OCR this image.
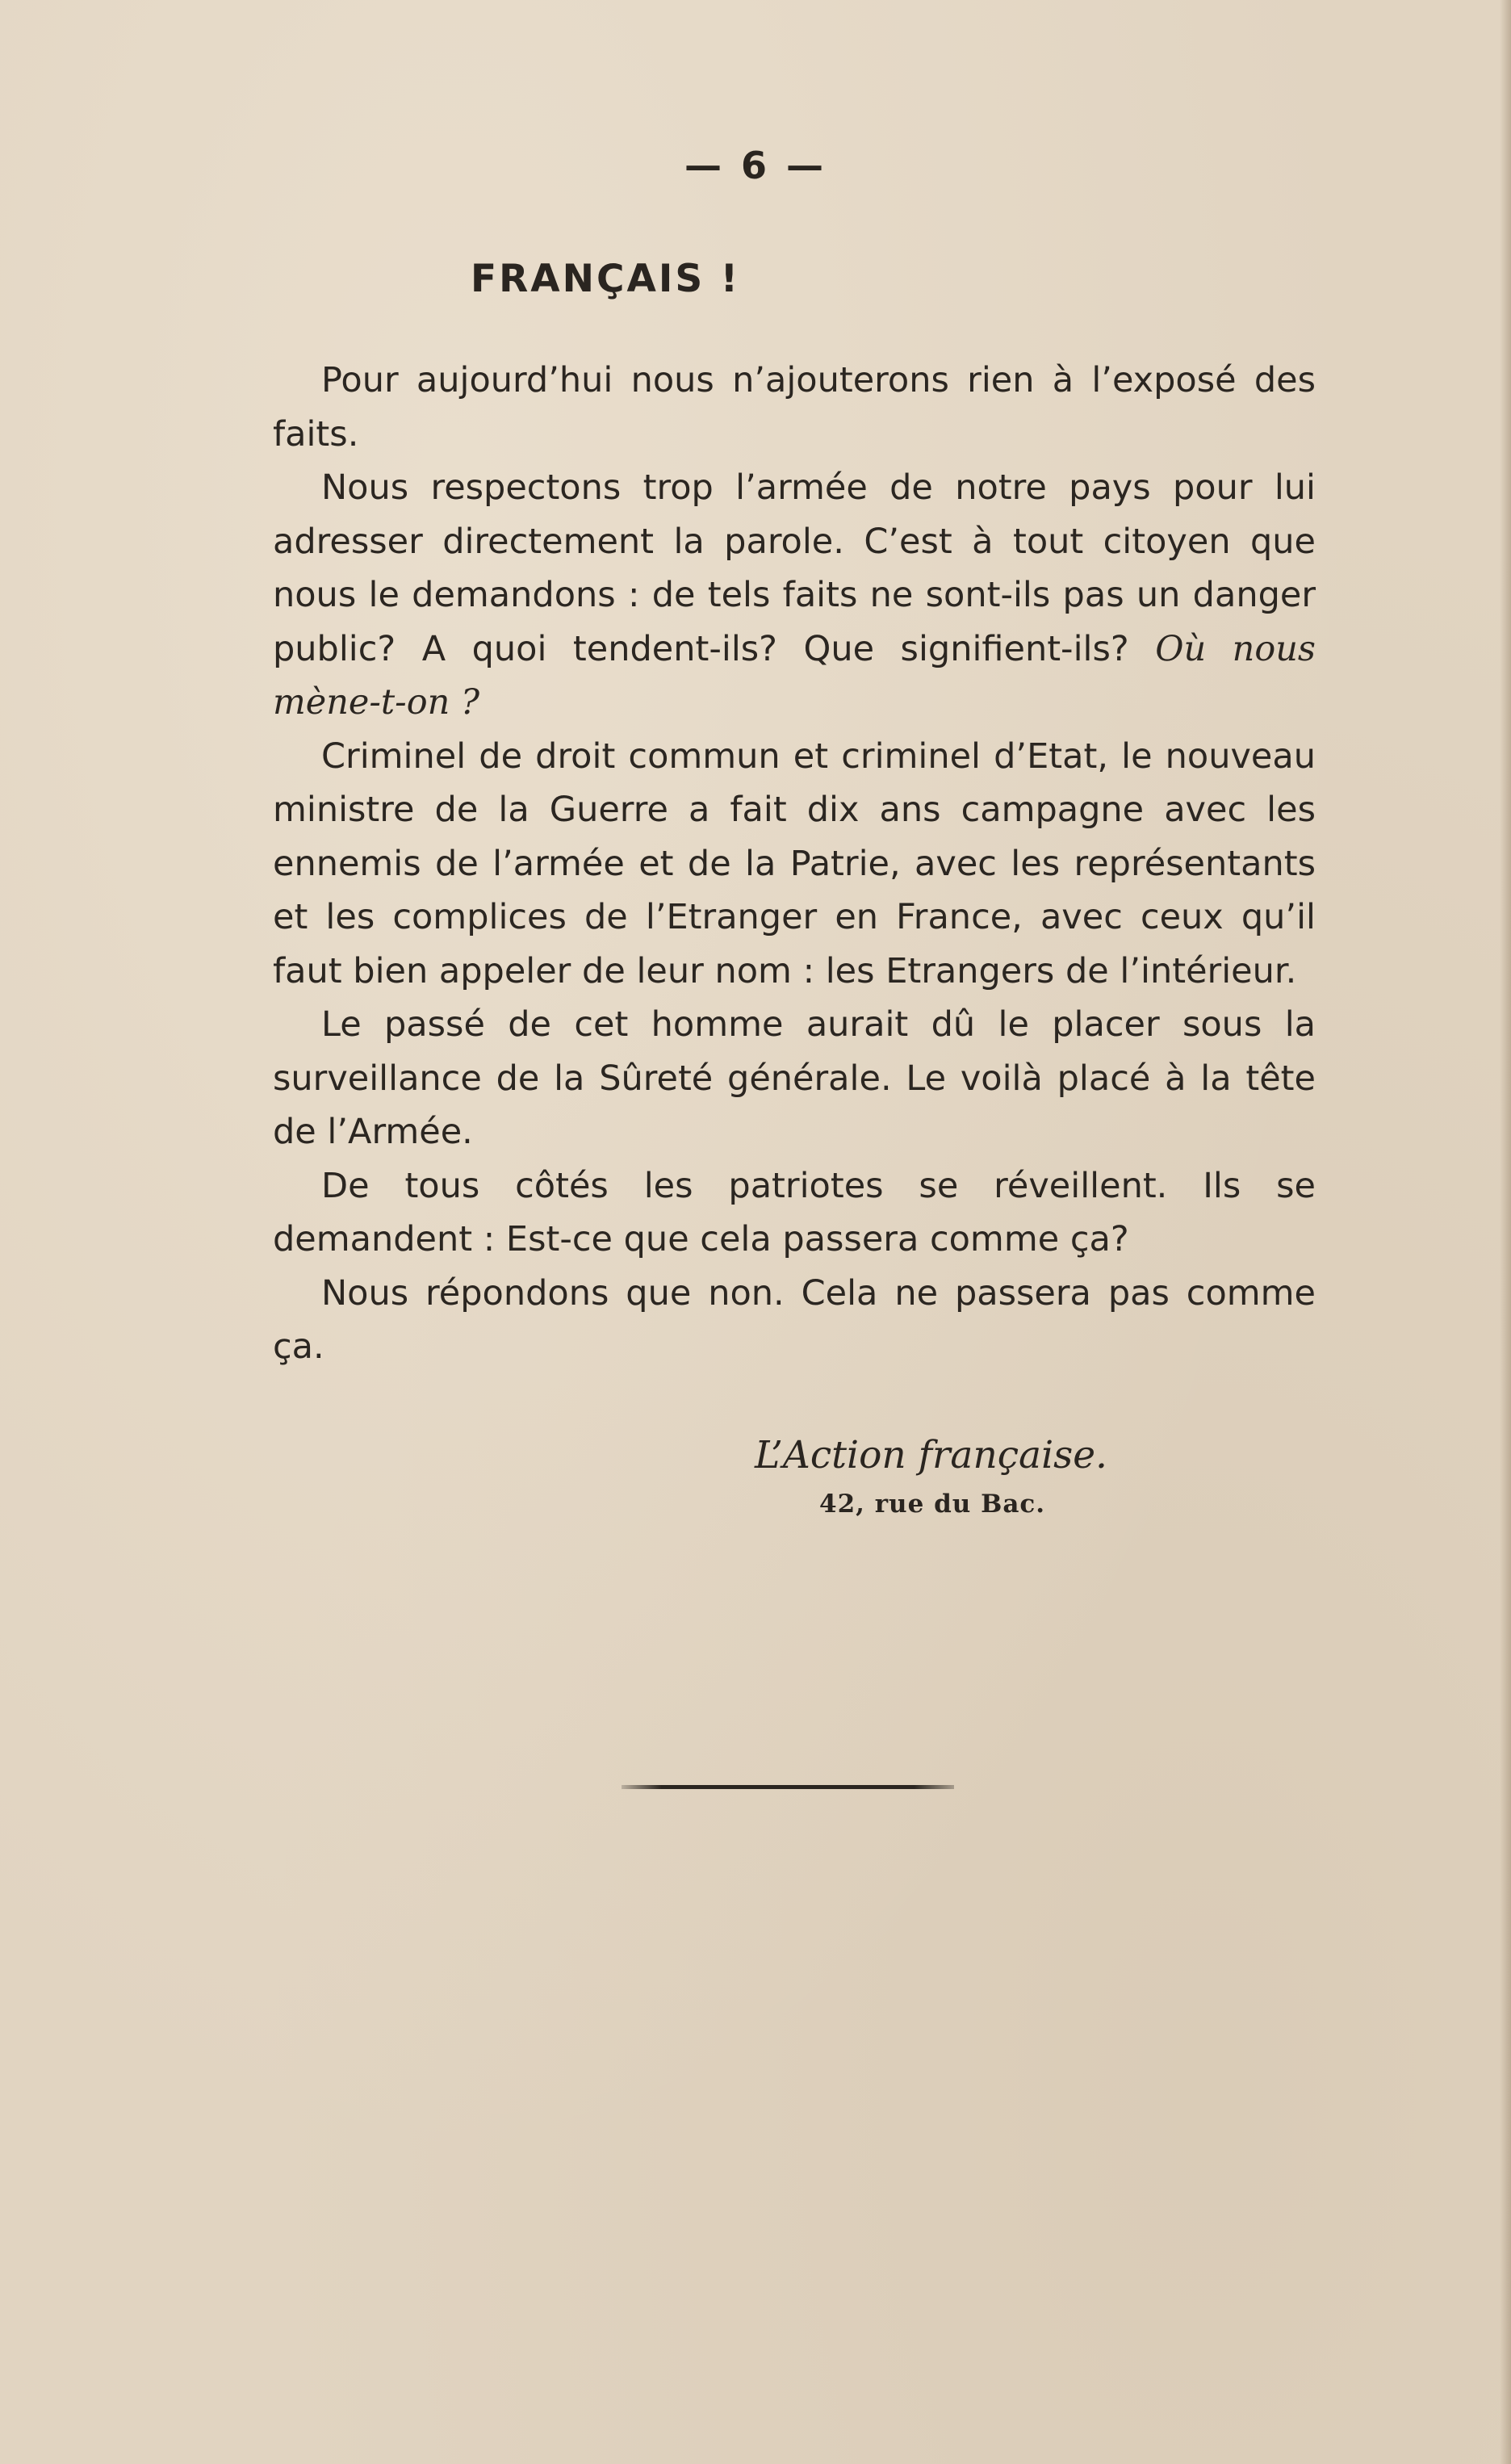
— 6 —
FRANÇAIS !

Pour aujourd’hui nous n’ajouterons rien à l’exposé des faits.

Nous respectons trop l’armée de notre pays pour lui adresser directement la parole. C’est à tout citoyen que nous le demandons : de tels faits ne sont-ils pas un danger public? A quoi tendent-ils? Que signifient-ils? Où nous mène-t-on ?

Criminel de droit commun et criminel d’Etat, le nouveau ministre de la Guerre a fait dix ans campagne avec les ennemis de l’armée et de la Patrie, avec les représentants et les complices de l’Etranger en France, avec ceux qu’il faut bien appeler de leur nom : les Etrangers de l’intérieur.

Le passé de cet homme aurait dû le placer sous la surveillance de la Sûreté générale. Le voilà placé à la tête de l’Armée.

De tous côtés les patriotes se réveillent. Ils se demandent : Est-ce que cela passera comme ça?

Nous répondons que non. Cela ne passera pas comme ça.

L’Action française.
42, rue du Bac.
